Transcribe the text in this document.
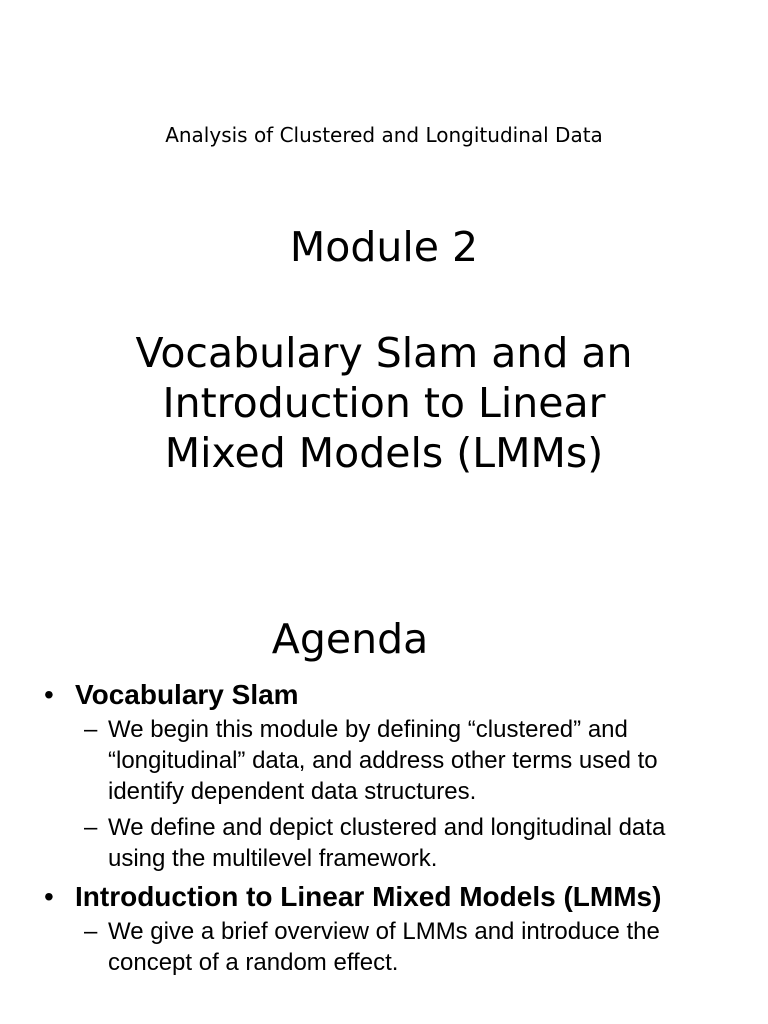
Analysis of Clustered and Longitudinal Data
Module 2
Vocabulary Slam and an
Introduction to Linear
Mixed Models (LMMs)
Agenda
• Vocabulary Slam
– We begin this module by defining “clustered” and “longitudinal” data, and address other terms used to identify dependent data structures.
– We define and depict clustered and longitudinal data using the multilevel framework.
• Introduction to Linear Mixed Models (LMMs)
– We give a brief overview of LMMs and introduce the concept of a random effect.
